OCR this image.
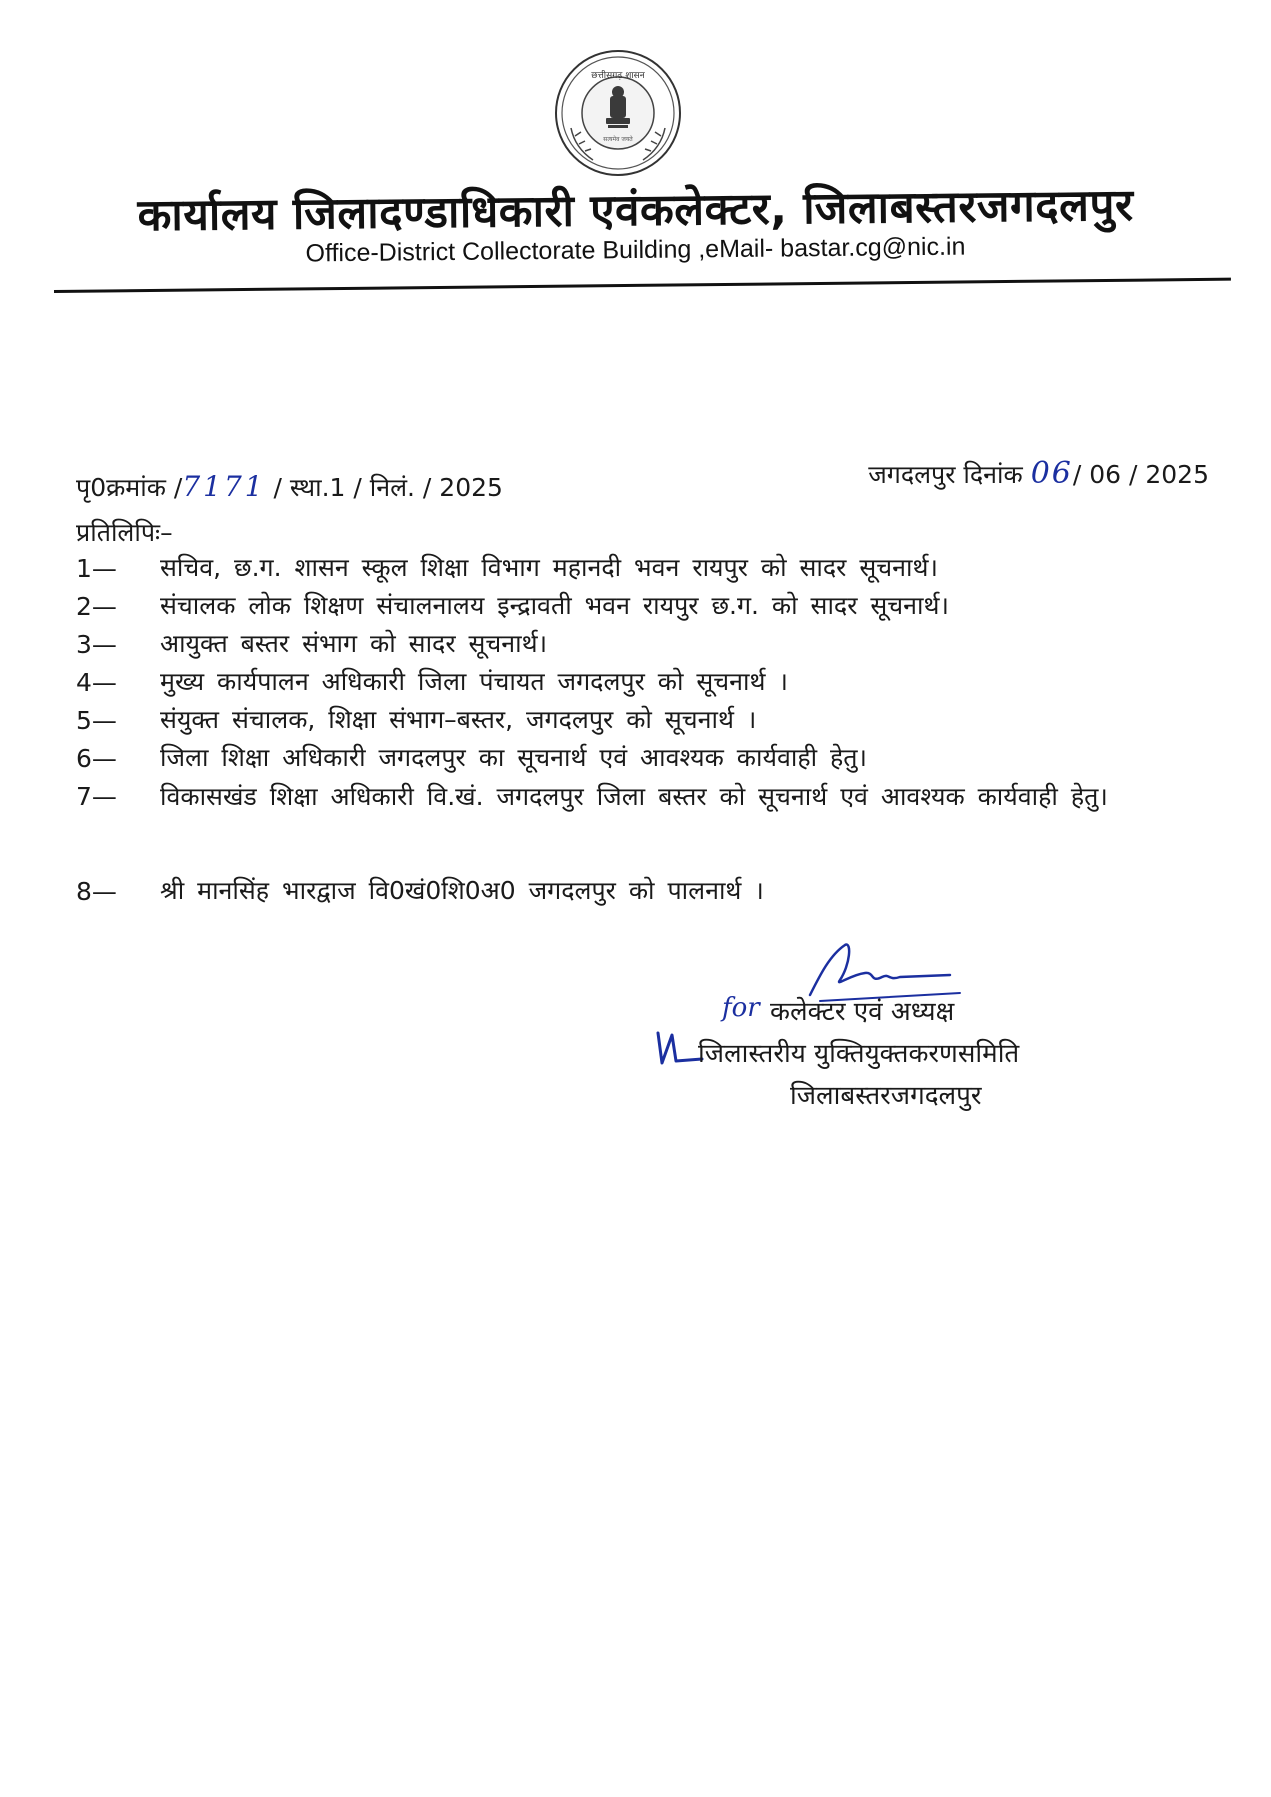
छत्तीसगढ़ शासन
सत्यमेव जयते
कार्यालय जिलादण्डाधिकारी एवंकलेक्टर, जिलाबस्तरजगदलपुर
Office-District Collectorate Building ,eMail- bastar.cg@nic.in
पृ0क्रमांक /7171 / स्था.1 / निलं. / 2025	जगदलपुर दिनांक 06/ 06 / 2025
प्रतिलिपिः–
1—	सचिव, छ.ग. शासन स्कूल शिक्षा विभाग महानदी भवन रायपुर को सादर सूचनार्थ।
2—	संचालक लोक शिक्षण संचालनालय इन्द्रावती भवन रायपुर छ.ग. को सादर सूचनार्थ।
3—	आयुक्त बस्तर संभाग को सादर सूचनार्थ।
4—	मुख्य कार्यपालन अधिकारी जिला पंचायत जगदलपुर को सूचनार्थ ।
5—	संयुक्त संचालक, शिक्षा संभाग–बस्तर, जगदलपुर को सूचनार्थ ।
6—	जिला शिक्षा अधिकारी जगदलपुर का सूचनार्थ एवं आवश्यक कार्यवाही हेतु।
7—	विकासखंड शिक्षा अधिकारी वि.खं. जगदलपुर जिला बस्तर को सूचनार्थ एवं आवश्यक कार्यवाही हेतु।
8—	श्री मानसिंह भारद्वाज वि0खं0शि0अ0 जगदलपुर को पालनार्थ ।
for कलेक्टर एवं अध्यक्ष
जिलास्तरीय युक्तियुक्तकरणसमिति
जिलाबस्तरजगदलपुर
